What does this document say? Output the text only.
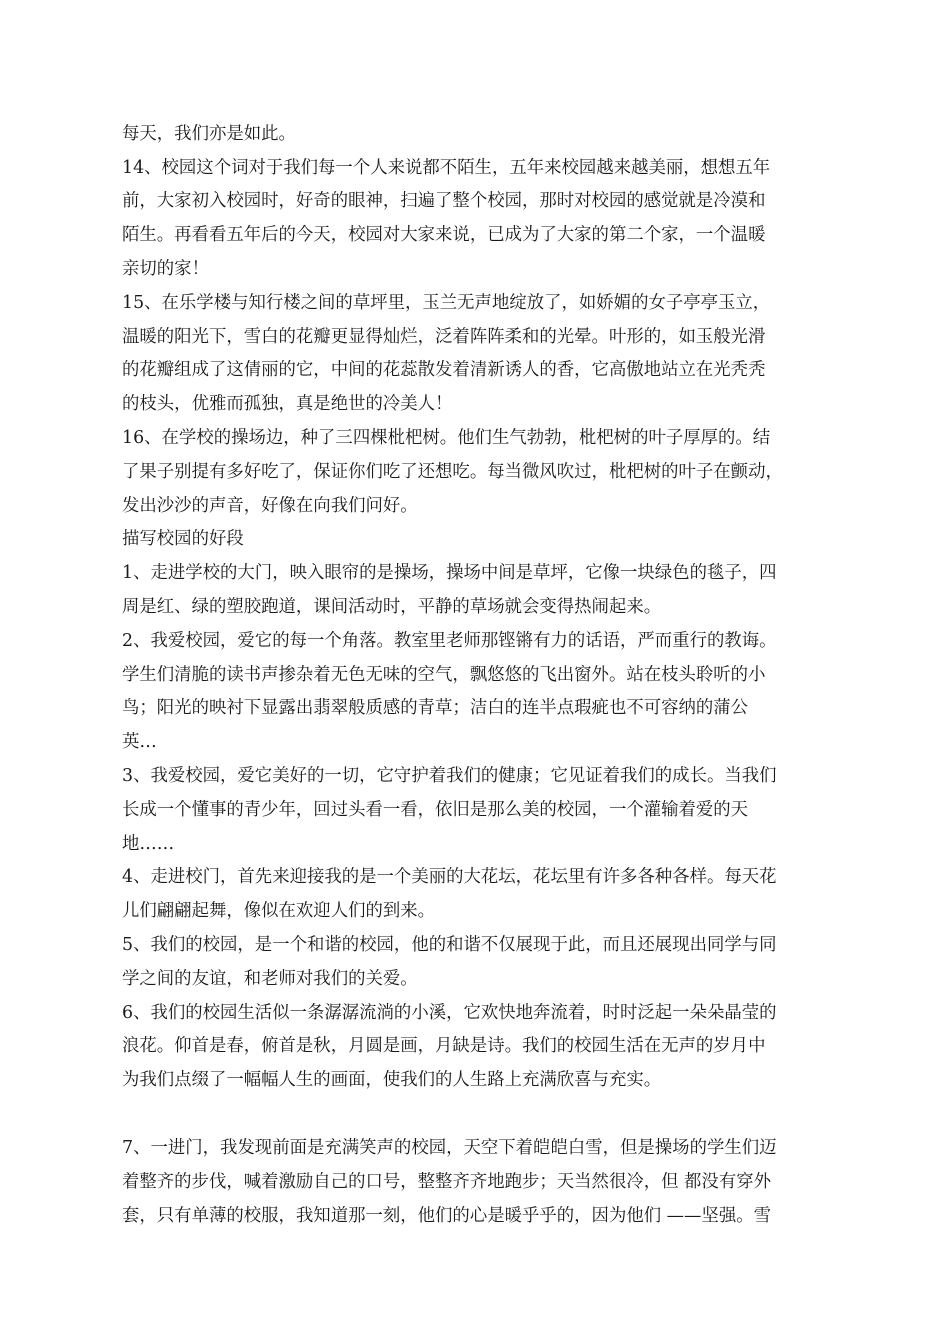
每天，我们亦是如此。
14、校园这个词对于我们每一个人来说都不陌生，五年来校园越来越美丽，想想五年
前，大家初入校园时，好奇的眼神，扫遍了整个校园，那时对校园的感觉就是冷漠和
陌生。再看看五年后的今天，校园对大家来说，已成为了大家的第二个家，一个温暖
亲切的家！
15、在乐学楼与知行楼之间的草坪里，玉兰无声地绽放了，如娇媚的女子亭亭玉立，
温暖的阳光下，雪白的花瓣更显得灿烂，泛着阵阵柔和的光晕。叶形的，如玉般光滑
的花瓣组成了这倩丽的它，中间的花蕊散发着清新诱人的香，它高傲地站立在光秃秃
的枝头，优雅而孤独，真是绝世的冷美人！
16、在学校的操场边，种了三四棵枇杷树。他们生气勃勃，枇杷树的叶子厚厚的。结
了果子别提有多好吃了，保证你们吃了还想吃。每当微风吹过，枇杷树的叶子在颤动，
发出沙沙的声音，好像在向我们问好。
描写校园的好段
1、走进学校的大门，映入眼帘的是操场，操场中间是草坪，它像一块绿色的毯子，四
周是红、绿的塑胶跑道，课间活动时，平静的草场就会变得热闹起来。
2、我爱校园，爱它的每一个角落。教室里老师那铿锵有力的话语，严而重行的教诲。
学生们清脆的读书声掺杂着无色无味的空气，飘悠悠的飞出窗外。站在枝头聆听的小
鸟；阳光的映衬下显露出翡翠般质感的青草；洁白的连半点瑕疵也不可容纳的蒲公
英…
3、我爱校园，爱它美好的一切，它守护着我们的健康；它见证着我们的成长。当我们
长成一个懂事的青少年，回过头看一看，依旧是那么美的校园，一个灌输着爱的天
地……
4、走进校门，首先来迎接我的是一个美丽的大花坛，花坛里有许多各种各样。每天花
儿们翩翩起舞，像似在欢迎人们的到来。
5、我们的校园，是一个和谐的校园，他的和谐不仅展现于此，而且还展现出同学与同
学之间的友谊，和老师对我们的关爱。
6、我们的校园生活似一条潺潺流淌的小溪，它欢快地奔流着，时时泛起一朵朵晶莹的
浪花。仰首是春，俯首是秋，月圆是画，月缺是诗。我们的校园生活在无声的岁月中
为我们点缀了一幅幅人生的画面，使我们的人生路上充满欣喜与充实。
7、一进门，我发现前面是充满笑声的校园，天空下着皑皑白雪，但是操场的学生们迈
着整齐的步伐，喊着激励自己的口号，整整齐齐地跑步；天当然很冷，但 都没有穿外
套，只有单薄的校服，我知道那一刻，他们的心是暖乎乎的，因为他们 ——坚强。雪
